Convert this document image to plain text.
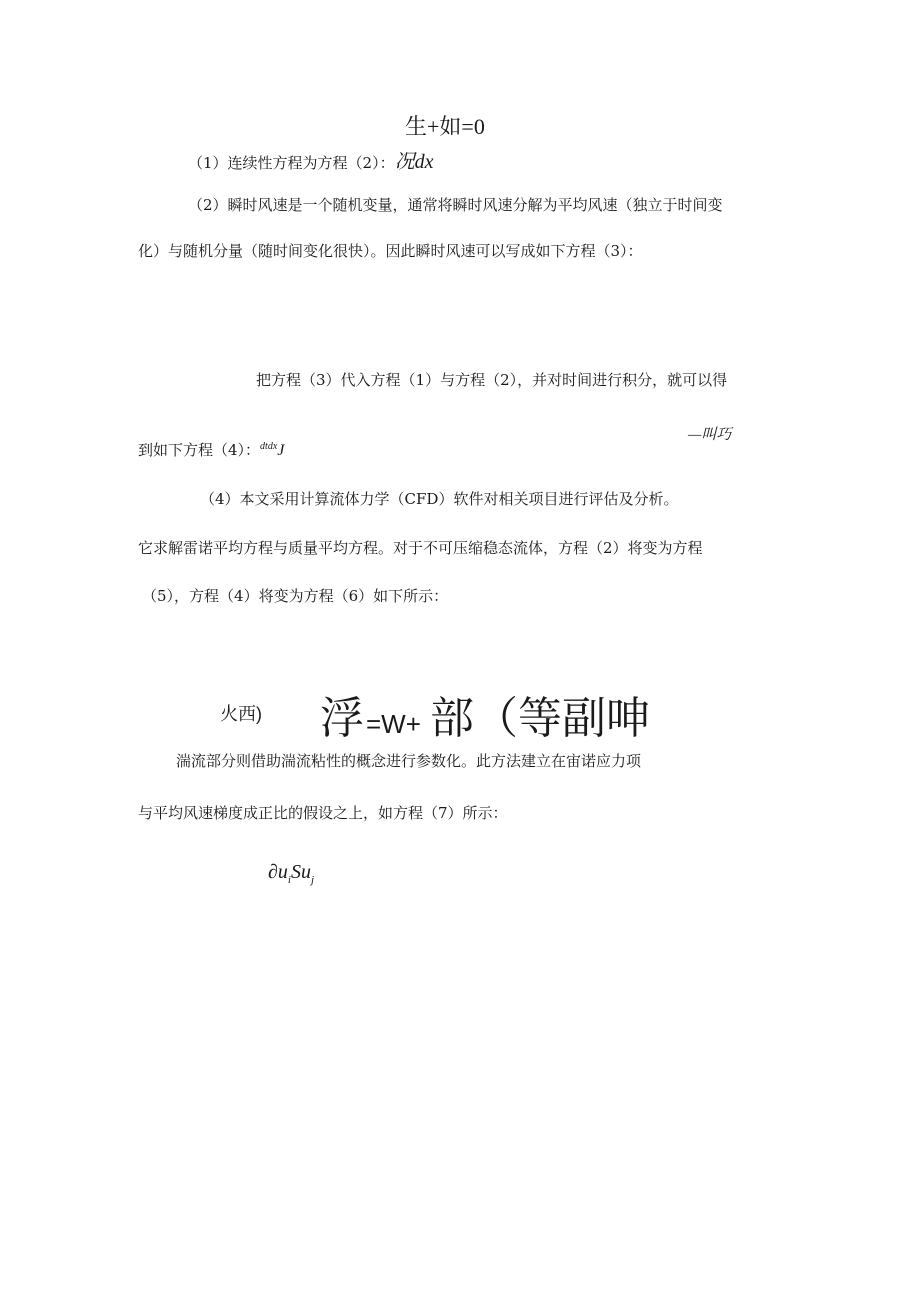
生+如=0
（1）连续性方程为方程（2）：况dx
（2）瞬时风速是一个随机变量，通常将瞬时风速分解为平均风速（独立于时间变
化）与随机分量（随时间变化很快）。因此瞬时风速可以写成如下方程（3）：
把方程（3）代入方程（1）与方程（2），并对时间进行积分，就可以得
—叫巧
到如下方程（4）：$^{dtdx}$J
（4）本文采用计算流体力学（CFD）软件对相关项目进行评估及分析。
它求解雷诺平均方程与质量平均方程。对于不可压缩稳态流体，方程（2）将变为方程
（5），方程（4）将变为方程（6）如下所示：
火西) 浮 =W+ 部（等副呻
湍流部分则借助湍流粘性的概念进行参数化。此方法建立在宙诺应力项
与平均风速梯度成正比的假设之上，如方程（7）所示：
$\partial u_iSu_j$
